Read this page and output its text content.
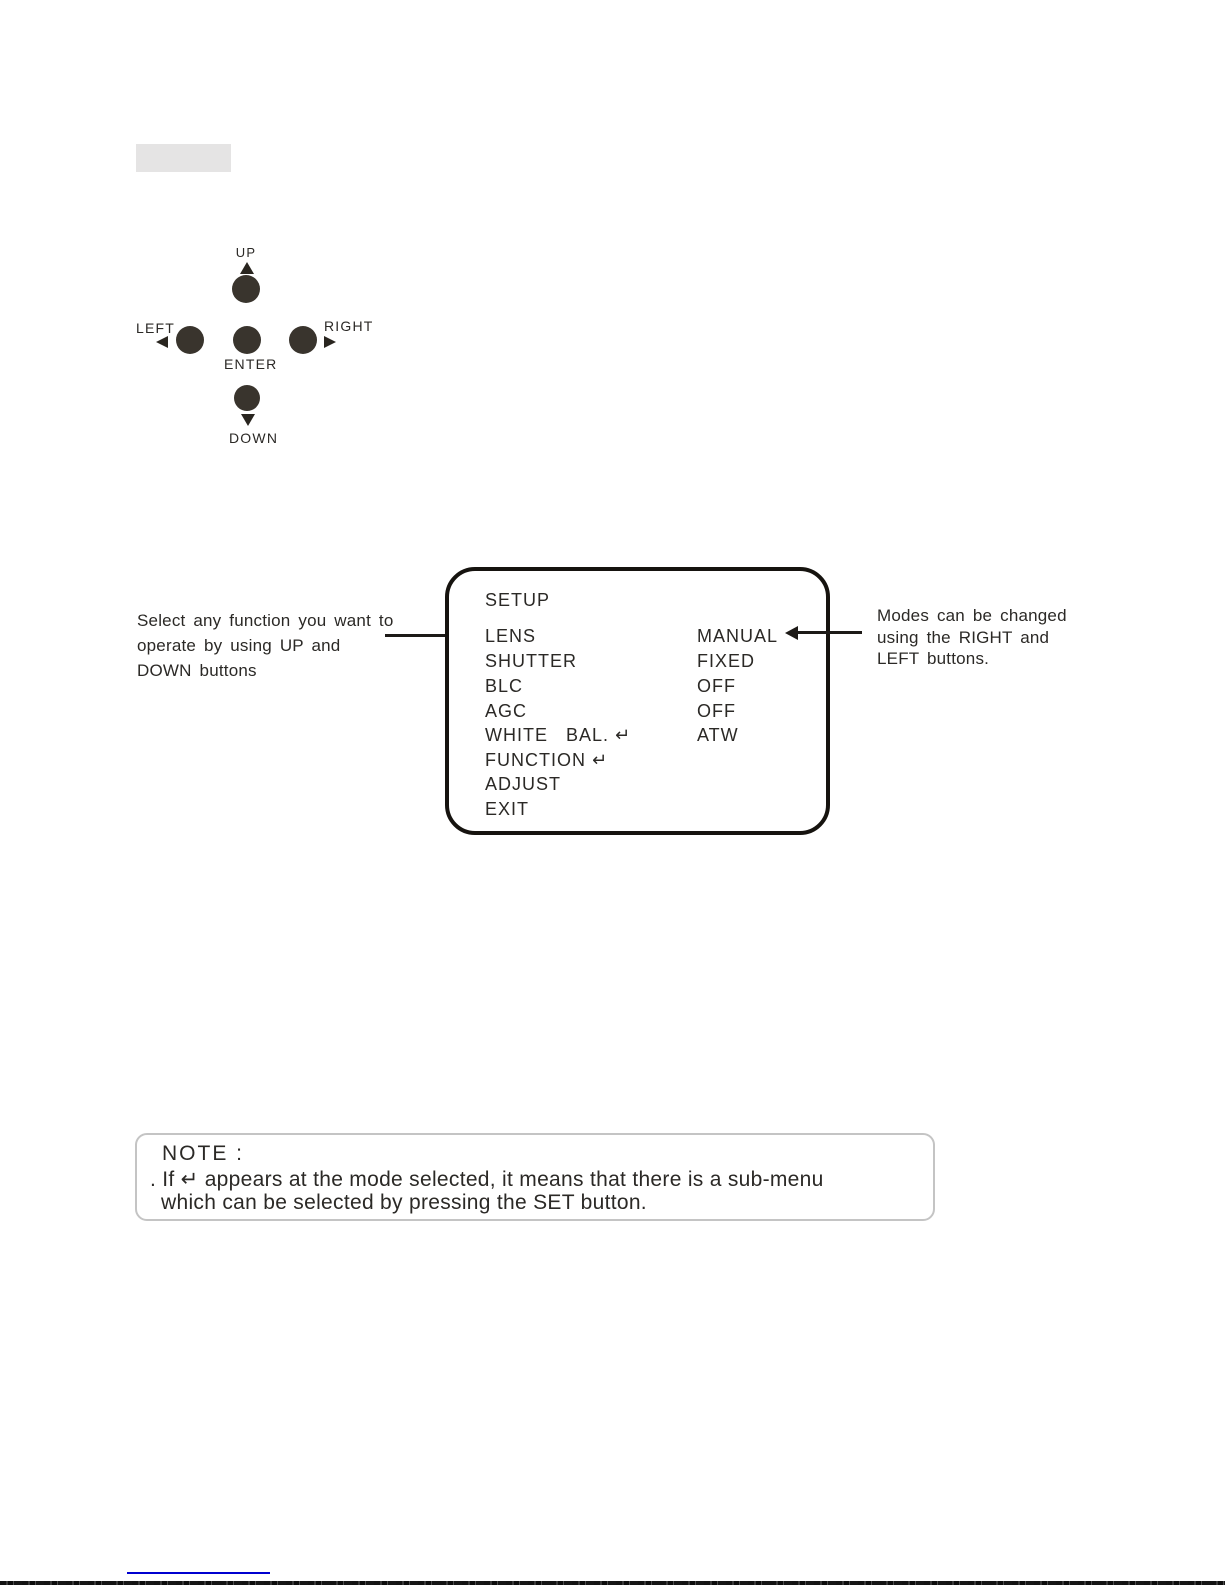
UP
LEFT
ENTER
RIGHT
DOWN
Select any function you want to
operate by using UP and
DOWN buttons
SETUP
LENS	MANUAL
SHUTTER	FIXED
BLC	OFF
AGC	OFF
WHITE   BAL. ↵	ATW
FUNCTION ↵
ADJUST
EXIT
Modes can be changed
using the RIGHT and
LEFT buttons.
NOTE :
. If ↵ appears at the mode selected, it means that there is a sub-menu
which can be selected by pressing the SET button.
